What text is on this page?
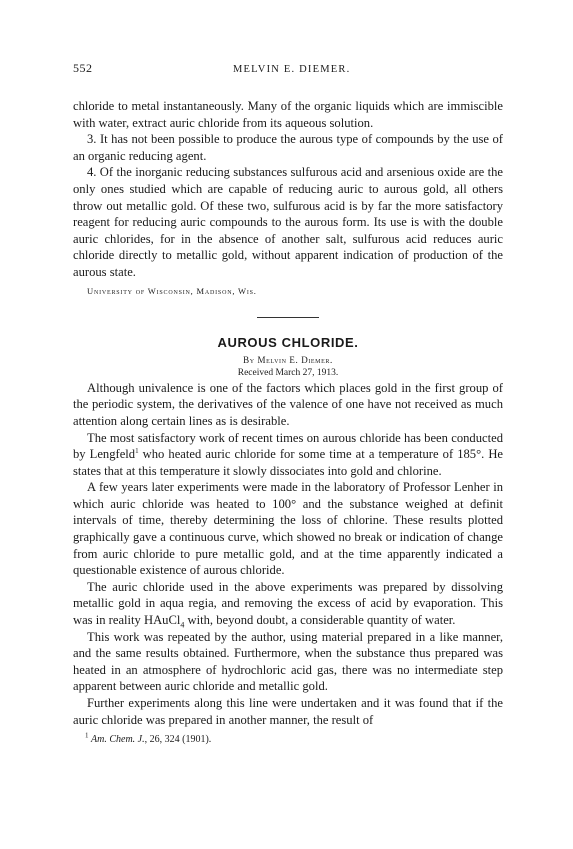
552	MELVIN E. DIEMER.

chloride to metal instantaneously. Many of the organic liquids which are immiscible with water, extract auric chloride from its aqueous solution.

3. It has not been possible to produce the aurous type of compounds by the use of an organic reducing agent.

4. Of the inorganic reducing substances sulfurous acid and arsenious oxide are the only ones studied which are capable of reducing auric to aurous gold, all others throw out metallic gold. Of these two, sulfurous acid is by far the more satisfactory reagent for reducing auric compounds to the aurous form. Its use is with the double auric chlorides, for in the absence of another salt, sulfurous acid reduces auric chloride directly to metallic gold, without apparent indication of production of the aurous state.

University of Wisconsin, Madison, Wis.
AUROUS CHLORIDE.
By Melvin E. Diemer.
Received March 27, 1913.

Although univalence is one of the factors which places gold in the first group of the periodic system, the derivatives of the valence of one have not received as much attention along certain lines as is desirable.

The most satisfactory work of recent times on aurous chloride has been conducted by Lengfeld$^1$ who heated auric chloride for some time at a temperature of 185°. He states that at this temperature it slowly dissociates into gold and chlorine.

A few years later experiments were made in the laboratory of Professor Lenher in which auric chloride was heated to 100° and the substance weighed at definit intervals of time, thereby determining the loss of chlorine. These results plotted graphically gave a continuous curve, which showed no break or indication of change from auric chloride to pure metallic gold, and at the time apparently indicated a questionable existence of aurous chloride.

The auric chloride used in the above experiments was prepared by dissolving metallic gold in aqua regia, and removing the excess of acid by evaporation. This was in reality HAuCl$_4$ with, beyond doubt, a considerable quantity of water.

This work was repeated by the author, using material prepared in a like manner, and the same results obtained. Furthermore, when the substance thus prepared was heated in an atmosphere of hydrochloric acid gas, there was no intermediate step apparent between auric chloride and metallic gold.

Further experiments along this line were undertaken and it was found that if the auric chloride was prepared in another manner, the result of

$^1$ Am. Chem. J., 26, 324 (1901).
